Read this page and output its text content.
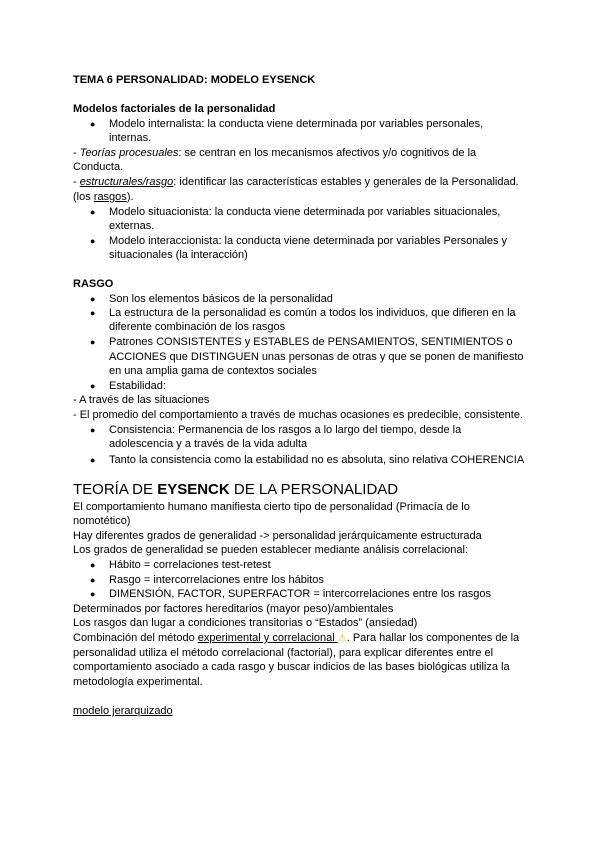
TEMA 6 PERSONALIDAD: MODELO EYSENCK
Modelos factoriales de la personalidad
● Modelo internalista: la conducta viene determinada por variables personales,
internas.
- Teorías procesuales: se centran en los mecanismos afectivos y/o cognitivos de la
Conducta.
- estructurales/rasgo: identificar las características estables y generales de la Personalidad.
(los rasgos).
● Modelo situacionista: la conducta viene determinada por variables situacionales,
externas.
● Modelo interaccionista: la conducta viene determinada por variables Personales y
situacionales (la interacción)
RASGO
● Son los elementos básicos de la personalidad
● La estructura de la personalidad es común a todos los individuos, que difieren en la
diferente combinación de los rasgos
● Patrones CONSISTENTES y ESTABLES de PENSAMIENTOS, SENTIMIENTOS o
ACCIONES que DISTINGUEN unas personas de otras y que se ponen de manifiesto
en una amplia gama de contextos sociales
● Estabilidad:
- A través de las situaciones
- El promedio del comportamiento a través de muchas ocasiones es predecible, consistente.
● Consistencia: Permanencia de los rasgos a lo largo del tiempo, desde la
adolescencia y a través de la vida adulta
● Tanto la consistencia como la estabilidad no es absoluta, sino relativa COHERENCIA
TEORÍA DE EYSENCK DE LA PERSONALIDAD
El comportamiento humano manifiesta cierto tipo de personalidad (Primacía de lo
nomotético)
Hay diferentes grados de generalidad -> personalidad jerárquicamente estructurada
Los grados de generalidad se pueden establecer mediante análisis correlacional:
● Hábito = correlaciones test-retest
● Rasgo = intercorrelaciones entre los hábitos
● DIMENSIÓN, FACTOR, SUPERFACTOR = intercorrelaciones entre los rasgos
Determinados por factores hereditarios (mayor peso)/ambientales
Los rasgos dan lugar a condiciones transitorias o “Estados” (ansiedad)
Combinación del método experimental y correlacional ⚠. Para hallar los componentes de la
personalidad utiliza el método correlacional (factorial), para explicar diferentes entre el
comportamiento asociado a cada rasgo y buscar indicios de las bases biológicas utiliza la
metodología experimental.
modelo jerarquizado
